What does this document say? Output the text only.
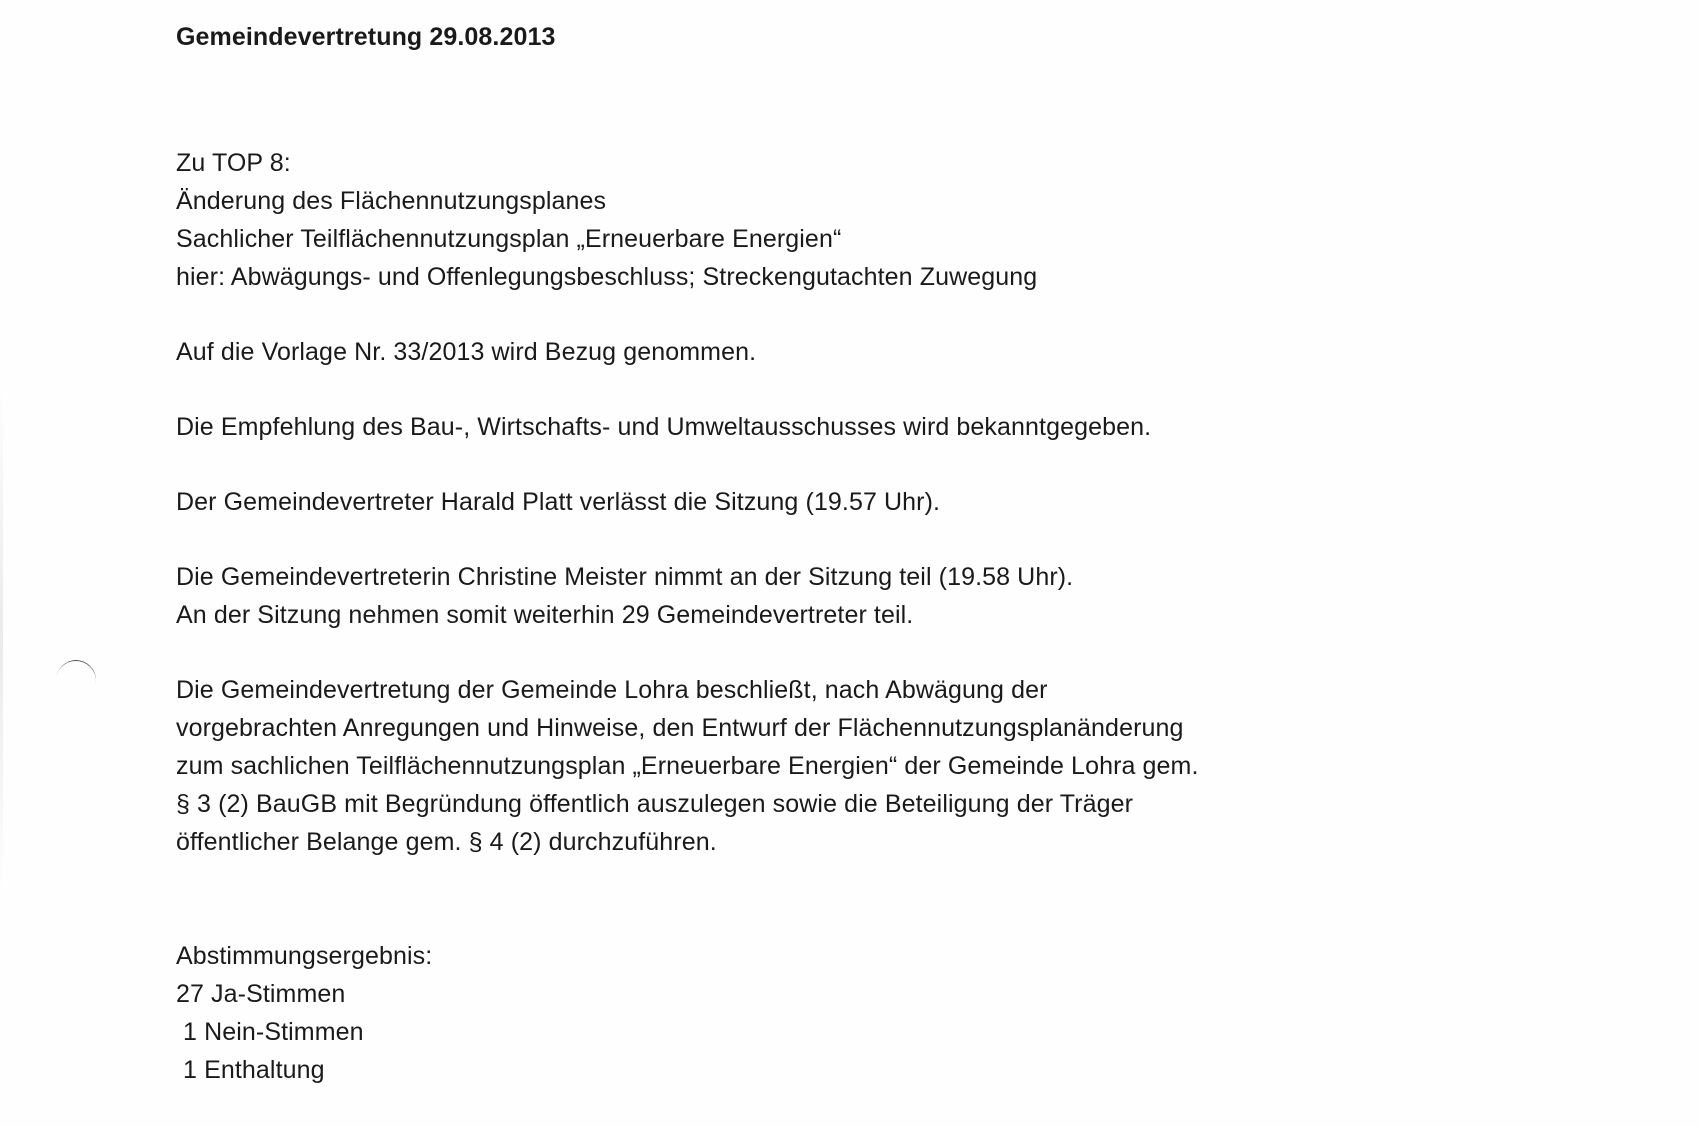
Gemeindevertretung 29.08.2013
Zu TOP 8:
Änderung des Flächennutzungsplanes
Sachlicher Teilflächennutzungsplan „Erneuerbare Energien“
hier: Abwägungs- und Offenlegungsbeschluss; Streckengutachten Zuwegung
Auf die Vorlage Nr. 33/2013 wird Bezug genommen.
Die Empfehlung des Bau-, Wirtschafts- und Umweltausschusses wird bekanntgegeben.
Der Gemeindevertreter Harald Platt verlässt die Sitzung (19.57 Uhr).
Die Gemeindevertreterin Christine Meister nimmt an der Sitzung teil (19.58 Uhr).
An der Sitzung nehmen somit weiterhin 29 Gemeindevertreter teil.
Die Gemeindevertretung der Gemeinde Lohra beschließt, nach Abwägung der
vorgebrachten Anregungen und Hinweise, den Entwurf der Flächennutzungsplanänderung
zum sachlichen Teilflächennutzungsplan „Erneuerbare Energien“ der Gemeinde Lohra gem.
§ 3 (2) BauGB mit Begründung öffentlich auszulegen sowie die Beteiligung der Träger
öffentlicher Belange gem. § 4 (2) durchzuführen.
Abstimmungsergebnis:
27 Ja-Stimmen
1 Nein-Stimmen
1 Enthaltung
